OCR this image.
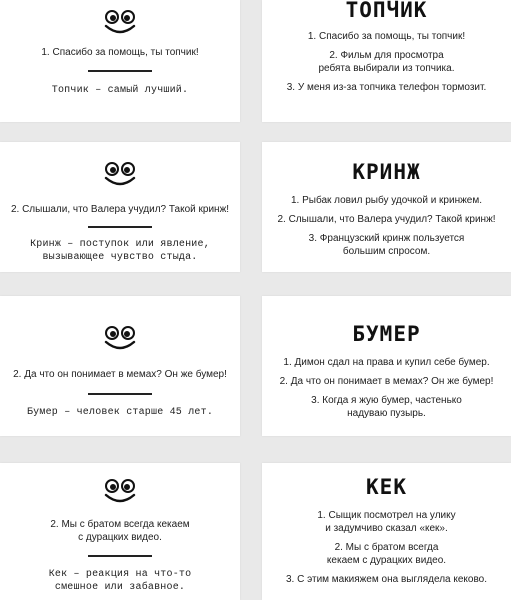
1. Спасибо за помощь, ты топчик!
Топчик – самый лучший.
ТОПЧИК
1. Спасибо за помощь, ты топчик!
2. Фильм для просмотра
ребята выбирали из топчика.
3. У меня из-за топчика телефон тормозит.
2. Слышали, что Валера учудил? Такой кринж!
Кринж – поступок или явление,
вызывающее чувство стыда.
КРИНЖ
1. Рыбак ловил рыбу удочкой и кринжем.
2. Слышали, что Валера учудил? Такой кринж!
3. Французский кринж пользуется
большим спросом.
2. Да что он понимает в мемах? Он же бумер!
Бумер – человек старше 45 лет.
БУМЕР
1. Димон сдал на права и купил себе бумер.
2. Да что он понимает в мемах? Он же бумер!
3. Когда я жую бумер, частенько
надуваю пузырь.
2. Мы с братом всегда кекаем
с дурацких видео.
Кек – реакция на что-то
смешное или забавное.
КЕК
1. Сыщик посмотрел на улику
и задумчиво сказал «кек».
2. Мы с братом всегда
кекаем с дурацких видео.
3. С этим макияжем она выглядела кеково.
